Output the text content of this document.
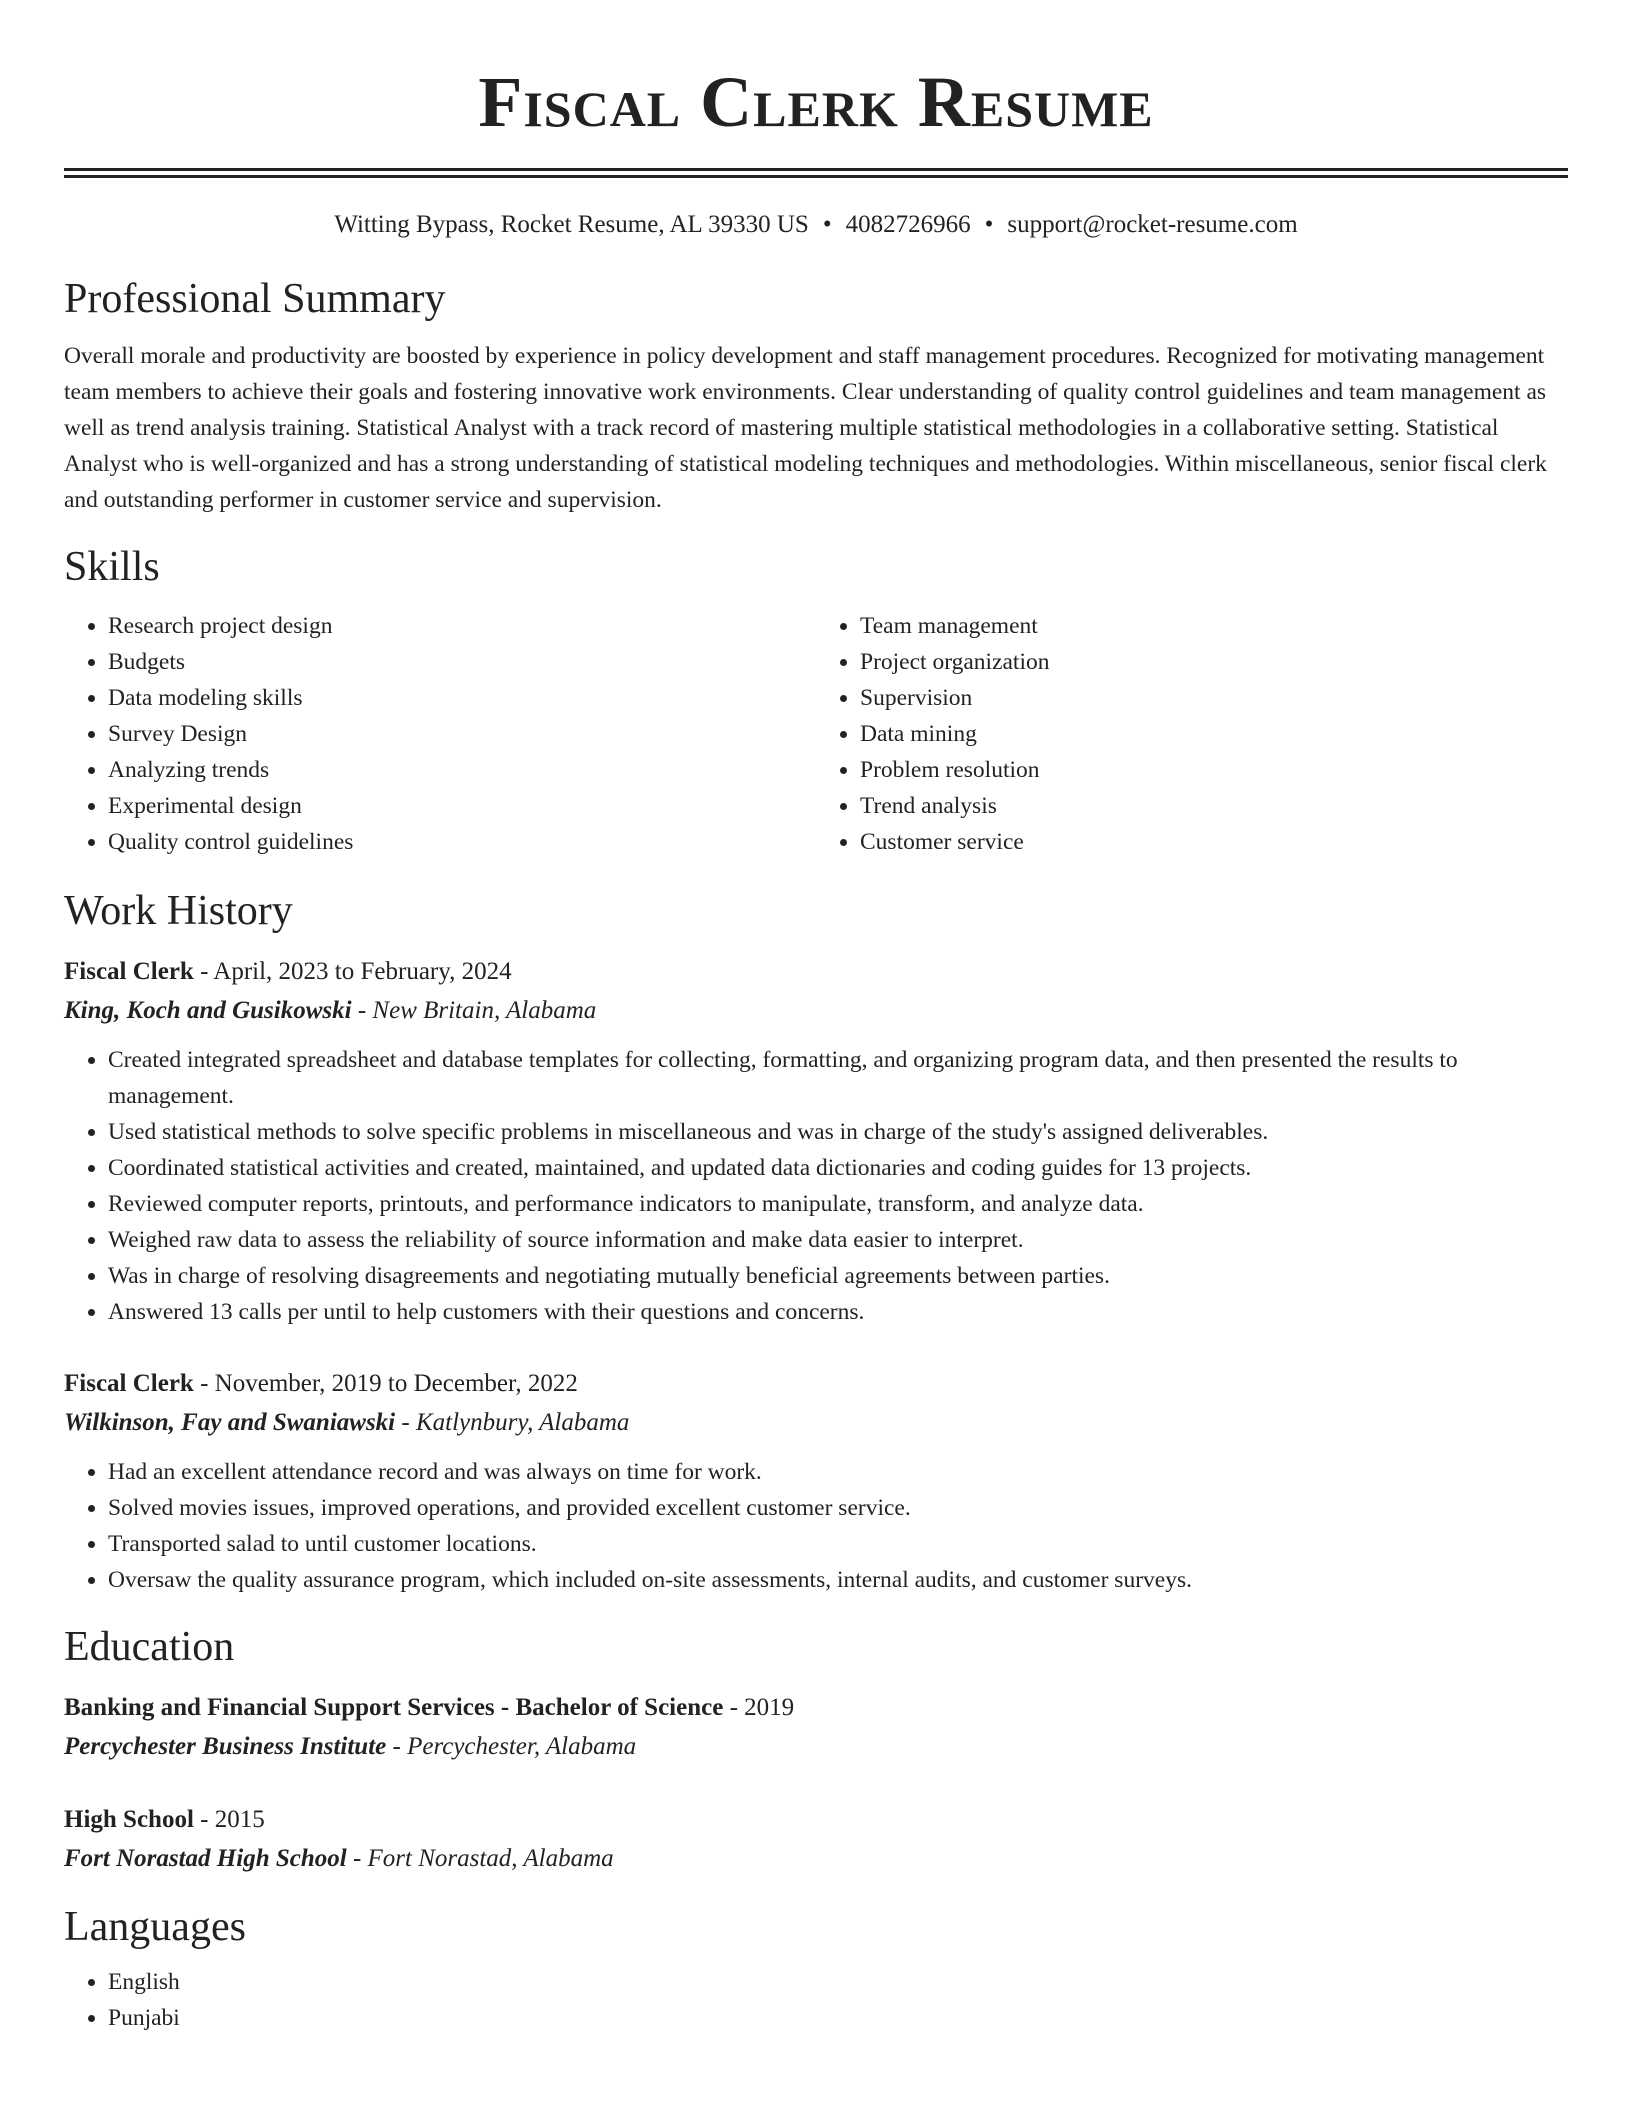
Fiscal Clerk Resume
Witting Bypass, Rocket Resume, AL 39330 US • 4082726966 • support@rocket-resume.com
Professional Summary

Overall morale and productivity are boosted by experience in policy development and staff management procedures. Recognized for motivating management team members to achieve their goals and fostering innovative work environments. Clear understanding of quality control guidelines and team management as well as trend analysis training. Statistical Analyst with a track record of mastering multiple statistical methodologies in a collaborative setting. Statistical Analyst who is well-organized and has a strong understanding of statistical modeling techniques and methodologies. Within miscellaneous, senior fiscal clerk and outstanding performer in customer service and supervision.

Skills
• Research project design
• Budgets
• Data modeling skills
• Survey Design
• Analyzing trends
• Experimental design
• Quality control guidelines
• Team management
• Project organization
• Supervision
• Data mining
• Problem resolution
• Trend analysis
• Customer service
Work History
Fiscal Clerk - April, 2023 to February, 2024
King, Koch and Gusikowski - New Britain, Alabama
• Created integrated spreadsheet and database templates for collecting, formatting, and organizing program data, and then presented the results to management.
• Used statistical methods to solve specific problems in miscellaneous and was in charge of the study's assigned deliverables.
• Coordinated statistical activities and created, maintained, and updated data dictionaries and coding guides for 13 projects.
• Reviewed computer reports, printouts, and performance indicators to manipulate, transform, and analyze data.
• Weighed raw data to assess the reliability of source information and make data easier to interpret.
• Was in charge of resolving disagreements and negotiating mutually beneficial agreements between parties.
• Answered 13 calls per until to help customers with their questions and concerns.
Fiscal Clerk - November, 2019 to December, 2022
Wilkinson, Fay and Swaniawski - Katlynbury, Alabama
• Had an excellent attendance record and was always on time for work.
• Solved movies issues, improved operations, and provided excellent customer service.
• Transported salad to until customer locations.
• Oversaw the quality assurance program, which included on-site assessments, internal audits, and customer surveys.
Education
Banking and Financial Support Services - Bachelor of Science - 2019
Percychester Business Institute - Percychester, Alabama
High School - 2015
Fort Norastad High School - Fort Norastad, Alabama
Languages
• English
• Punjabi
